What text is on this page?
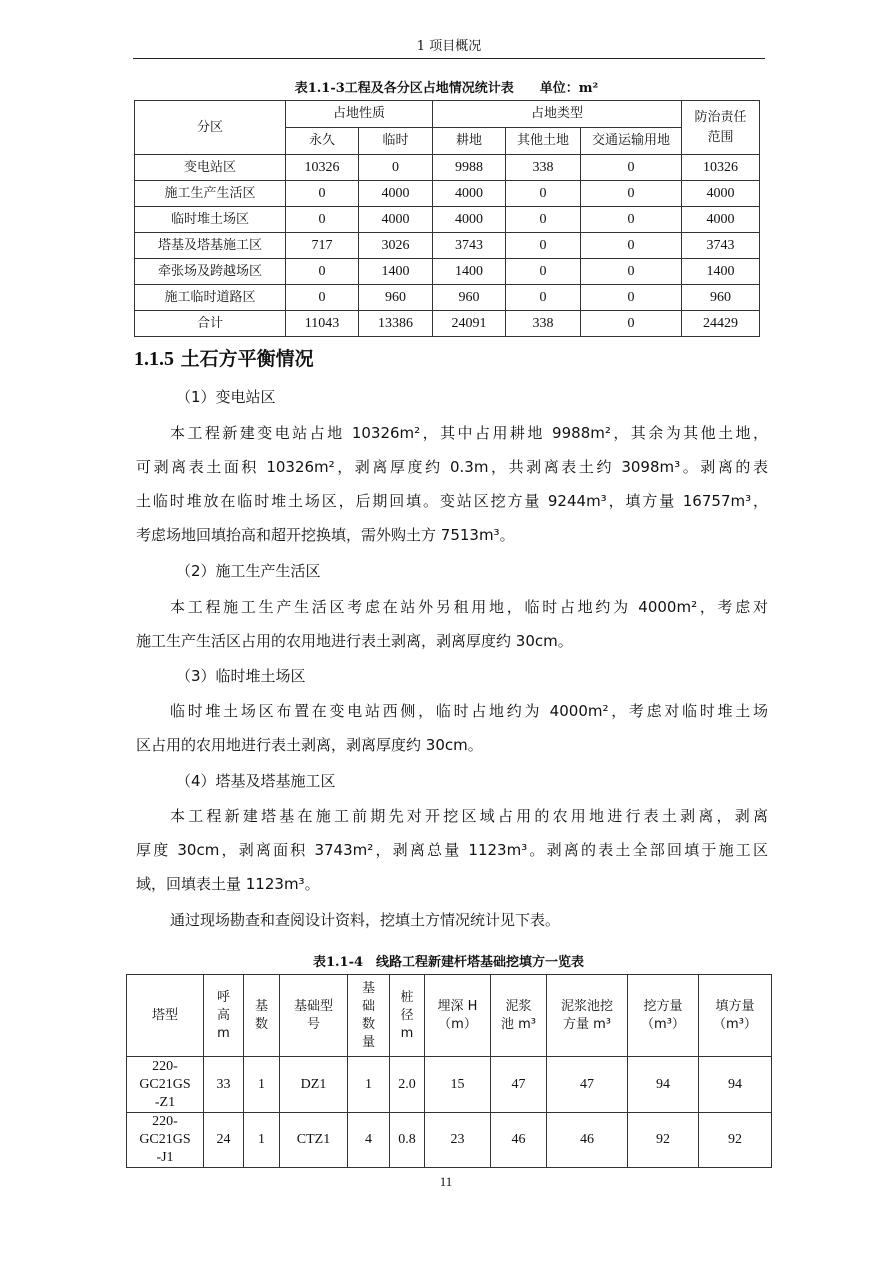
1 项目概况
表1.1-3工程及各分区占地情况统计表　　单位：m²
分区	占地性质		占地类型			防治责任范围
	永久	临时	耕地	其他土地	交通运输用地	
变电站区	10326	0	9988	338	0	10326
施工生产生活区	0	4000	4000	0	0	4000
临时堆土场区	0	4000	4000	0	0	4000
塔基及塔基施工区	717	3026	3743	0	0	3743
牵张场及跨越场区	0	1400	1400	0	0	1400
施工临时道路区	0	960	960	0	0	960
合计	11043	13386	24091	338	0	24429
1.1.5 土石方平衡情况
（1）变电站区
本工程新建变电站占地 10326m²，其中占用耕地 9988m²，其余为其他土地，
可剥离表土面积 10326m²，剥离厚度约 0.3m，共剥离表土约 3098m³。剥离的表
土临时堆放在临时堆土场区，后期回填。变站区挖方量 9244m³，填方量 16757m³，
考虑场地回填抬高和超开挖换填，需外购土方 7513m³。
（2）施工生产生活区
本工程施工生产生活区考虑在站外另租用地，临时占地约为 4000m²，考虑对
施工生产生活区占用的农用地进行表土剥离，剥离厚度约 30cm。
（3）临时堆土场区
临时堆土场区布置在变电站西侧，临时占地约为 4000m²，考虑对临时堆土场
区占用的农用地进行表土剥离，剥离厚度约 30cm。
（4）塔基及塔基施工区
本工程新建塔基在施工前期先对开挖区域占用的农用地进行表土剥离，剥离
厚度 30cm，剥离面积 3743m²，剥离总量 1123m³。剥离的表土全部回填于施工区
域，回填表土量 1123m³。
通过现场勘查和查阅设计资料，挖填土方情况统计见下表。
表1.1-4　线路工程新建杆塔基础挖填方一览表
塔型	呼
高
m	基
数	基础型
号	基
础
数
量	桩
径
m	埋深 H
（m）	泥浆
池 m³	泥浆池挖
方量 m³	挖方量
（m³）	填方量
（m³）
220-
GC21GS
-Z1	33	1	DZ1	1	2.0	15	47	47	94	94
220-
GC21GS
-J1	24	1	CTZ1	4	0.8	23	46	46	92	92
11
